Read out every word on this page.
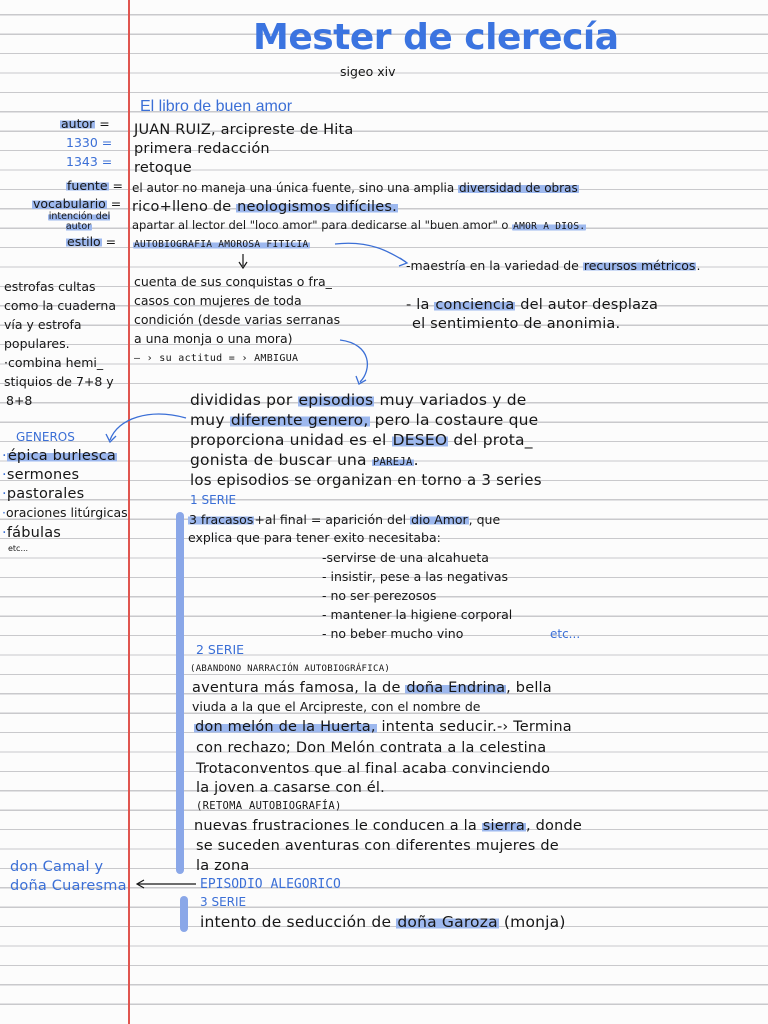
Mester de clerecía
sigeo xiv
El libro de buen amor
autor =
1330 =
1343 =
fuente =
vocabulario =
intención del autor
estilo =
JUAN RUIZ, arcipreste de Hita
primera redacción
retoque
el autor no maneja una única fuente, sino una amplia diversidad de obras
rico+lleno de neologismos difíciles.
apartar al lector del "loco amor" para dedicarse al "buen amor" o AMOR A DIOS.
AUTOBIOGRAFIA AMOROSA FITICIA
estrofas cultas
como la cuaderna
vía y estrofa
populares.
·combina hemi_
stiquios de 7+8 y
8+8
GENEROS
·épica burlesca
·sermones
·pastorales
·oraciones litúrgicas
·fábulas
etc...
don Camal y
doña Cuaresma
cuenta de sus conquistas o fra_
casos con mujeres de toda
condición (desde varias serranas
a una monja o una mora)
— › su actitud = › AMBIGUA
-maestría en la variedad de recursos métricos.
- la conciencia del autor desplaza
el sentimiento de anonimia.
divididas por episodios muy variados y de
muy diferente genero, pero la costaure que
proporciona unidad es el DESEO del prota_
gonista de buscar una PAREJA.
los episodios se organizan en torno a 3 series
1 SERIE
3 fracasos+al final = aparición del dio Amor, que
explica que para tener exito necesitaba:
-servirse de una alcahueta
- insistir, pese a las negativas
- no ser perezosos
- mantener la higiene corporal
- no beber mucho vino	etc...
2 SERIE
(ABANDONO NARRACIÓN AUTOBIOGRÁFICA)
aventura más famosa, la de doña Endrina, bella
viuda a la que el Arcipreste, con el nombre de
don melón de la Huerta, intenta seducir.-› Termina
con rechazo; Don Melón contrata a la celestina
Trotaconventos que al final acaba convinciendo
la joven a casarse con él.
(RETOMA AUTOBIOGRAFÍA)
nuevas frustraciones le conducen a la sierra, donde
se suceden aventuras con diferentes mujeres de
la zona
EPISODIO ALEGORICO
3 SERIE
intento de seducción de doña Garoza (monja)
